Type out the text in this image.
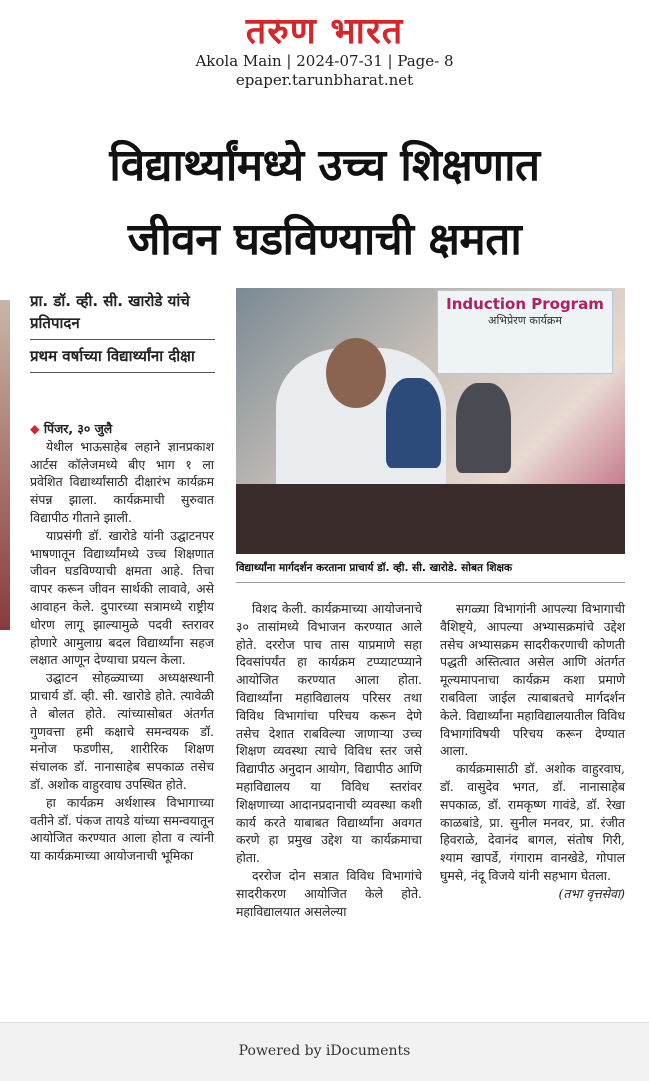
तरुण भारत
Akola Main | 2024-07-31 | Page- 8
epaper.tarunbharat.net
विद्यार्थ्यांमध्ये उच्च शिक्षणात
जीवन घडविण्याची क्षमता
प्रा. डॉ. व्ही. सी. खारोडे यांचे प्रतिपादन
प्रथम वर्षाच्या विद्यार्थ्यांना दीक्षा
Induction Program
अभिप्रेरण कार्यक्रम
विद्यार्थ्यांना मार्गदर्शन करताना प्राचार्य डॉ. व्ही. सी. खारोडे. सोबत शिक्षक

◆ पिंजर, ३० जुलै

येथील भाऊसाहेब लहाने ज्ञानप्रकाश आर्टस कॉलेजमध्ये बीए भाग १ ला प्रवेशित विद्यार्थ्यांसाठी दीक्षारंभ कार्यक्रम संपन्न झाला. कार्यक्रमाची सुरुवात विद्यापीठ गीताने झाली.

याप्रसंगी डॉ. खारोडे यांनी उद्घाटनपर भाषणातून विद्यार्थ्यांमध्ये उच्च शिक्षणात जीवन घडविण्याची क्षमता आहे. तिचा वापर करून जीवन सार्थकी लावावे, असे आवाहन केले. दुपारच्या सत्रामध्ये राष्ट्रीय धोरण लागू झाल्यामुळे पदवी स्तरावर होणारे आमुलाग्र बदल विद्यार्थ्यांना सहज लक्षात आणून देण्याचा प्रयत्न केला.

उद्घाटन सोहळ्याच्या अध्यक्षस्थानी प्राचार्य डॉ. व्ही. सी. खारोडे होते. त्यावेळी ते बोलत होते. त्यांच्यासोबत अंतर्गत गुणवत्ता हमी कक्षाचे समन्वयक डॉ. मनोज फडणीस, शारीरिक शिक्षण संचालक डॉ. नानासाहेब सपकाळ तसेच डॉ. अशोक वाहुरवाघ उपस्थित होते.

हा कार्यक्रम अर्थशास्त्र विभागाच्या वतीने डॉ. पंकज तायडे यांच्या समन्वयातून आयोजित करण्यात आला होता व त्यांनी या कार्यक्रमाच्या आयोजनाची भूमिका

विशद केली. कार्यक्रमाच्या आयोजनाचे ३० तासांमध्ये विभाजन करण्यात आले होते. दररोज पाच तास याप्रमाणे सहा दिवसांपर्यंत हा कार्यक्रम टप्प्याटप्प्याने आयोजित करण्यात आला होता. विद्यार्थ्यांना महाविद्यालय परिसर तथा विविध विभागांचा परिचय करून देणे तसेच देशात राबविल्या जाणाऱ्या उच्च शिक्षण व्यवस्था त्याचे विविध स्तर जसे विद्यापीठ अनुदान आयोग, विद्यापीठ आणि महाविद्यालय या विविध स्तरांवर शिक्षणाच्या आदानप्रदानाची व्यवस्था कशी कार्य करते याबाबत विद्यार्थ्यांना अवगत करणे हा प्रमुख उद्देश या कार्यक्रमाचा होता.

दररोज दोन सत्रात विविध विभागांचे सादरीकरण आयोजित केले होते. महाविद्यालयात असलेल्या

सगळ्या विभागांनी आपल्या विभागाची वैशिष्ट्ये, आपल्या अभ्यासक्रमांचे उद्देश तसेच अभ्यासक्रम सादरीकरणाची कोणती पद्धती अस्तित्वात असेल आणि अंतर्गत मूल्यमापनाचा कार्यक्रम कशा प्रमाणे राबविला जाईल त्याबाबतचे मार्गदर्शन केले. विद्यार्थ्यांना महाविद्यालयातील विविध विभागांविषयी परिचय करून देण्यात आला.

कार्यक्रमासाठी डॉ. अशोक वाहुरवाघ, डॉ. वासुदेव भगत, डॉ. नानासाहेब सपकाळ, डॉ. रामकृष्ण गावंडे, डॉ. रेखा काळबांडे, प्रा. सुनील मनवर, प्रा. रंजीत हिवराळे, देवानंद बागल, संतोष गिरी, श्याम खापर्डे, गंगाराम वानखेडे, गोपाल घुमसे, नंदू विजये यांनी सहभाग घेतला.

(तभा वृत्तसेवा)
Powered by iDocuments
